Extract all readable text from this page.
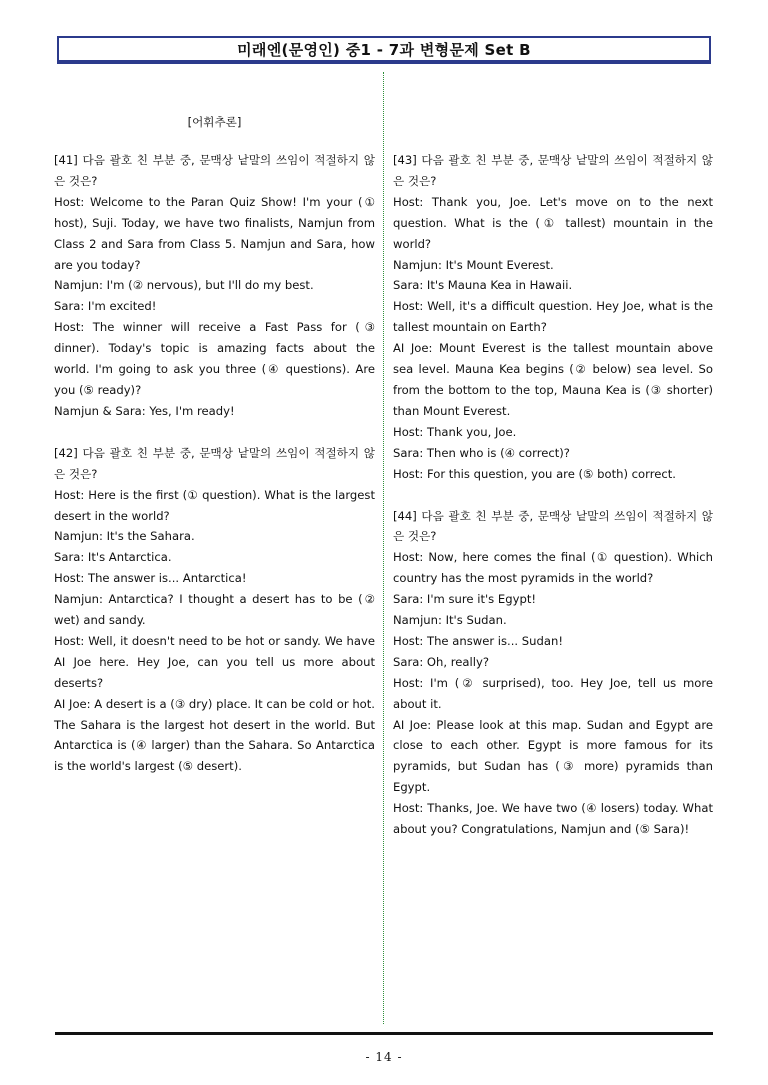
미래엔(문영인) 중1 - 7과 변형문제 Set B
[어휘추론]
[41] 다음 괄호 친 부분 중, 문맥상 낱말의 쓰임이 적절하지 않은 것은?

Host: Welcome to the Paran Quiz Show! I'm your (① host), Suji. Today, we have two finalists, Namjun from Class 2 and Sara from Class 5. Namjun and Sara, how are you today?

Namjun: I'm (② nervous), but I'll do my best.

Sara: I'm excited!

Host: The winner will receive a Fast Pass for (③ dinner). Today's topic is amazing facts about the world. I'm going to ask you three (④ questions). Are you (⑤ ready)?

Namjun & Sara: Yes, I'm ready!

[42] 다음 괄호 친 부분 중, 문맥상 낱말의 쓰임이 적절하지 않은 것은?

Host: Here is the first (① question). What is the largest desert in the world?

Namjun: It's the Sahara.

Sara: It's Antarctica.

Host: The answer is... Antarctica!

Namjun: Antarctica? I thought a desert has to be (② wet) and sandy.

Host: Well, it doesn't need to be hot or sandy. We have AI Joe here. Hey Joe, can you tell us more about deserts?

AI Joe: A desert is a (③ dry) place. It can be cold or hot. The Sahara is the largest hot desert in the world. But Antarctica is (④ larger) than the Sahara. So Antarctica is the world's largest (⑤ desert).

[43] 다음 괄호 친 부분 중, 문맥상 낱말의 쓰임이 적절하지 않은 것은?

Host: Thank you, Joe. Let's move on to the next question. What is the (① tallest) mountain in the world?

Namjun: It's Mount Everest.

Sara: It's Mauna Kea in Hawaii.

Host: Well, it's a difficult question. Hey Joe, what is the tallest mountain on Earth?

AI Joe: Mount Everest is the tallest mountain above sea level. Mauna Kea begins (② below) sea level. So from the bottom to the top, Mauna Kea is (③ shorter) than Mount Everest.

Host: Thank you, Joe.

Sara: Then who is (④ correct)?

Host: For this question, you are (⑤ both) correct.

[44] 다음 괄호 친 부분 중, 문맥상 낱말의 쓰임이 적절하지 않은 것은?

Host: Now, here comes the final (① question). Which country has the most pyramids in the world?

Sara: I'm sure it's Egypt!

Namjun: It's Sudan.

Host: The answer is... Sudan!

Sara: Oh, really?

Host: I'm (② surprised), too. Hey Joe, tell us more about it.

AI Joe: Please look at this map. Sudan and Egypt are close to each other. Egypt is more famous for its pyramids, but Sudan has (③ more) pyramids than Egypt.

Host: Thanks, Joe. We have two (④ losers) today. What about you? Congratulations, Namjun and (⑤ Sara)!

- 14 -
